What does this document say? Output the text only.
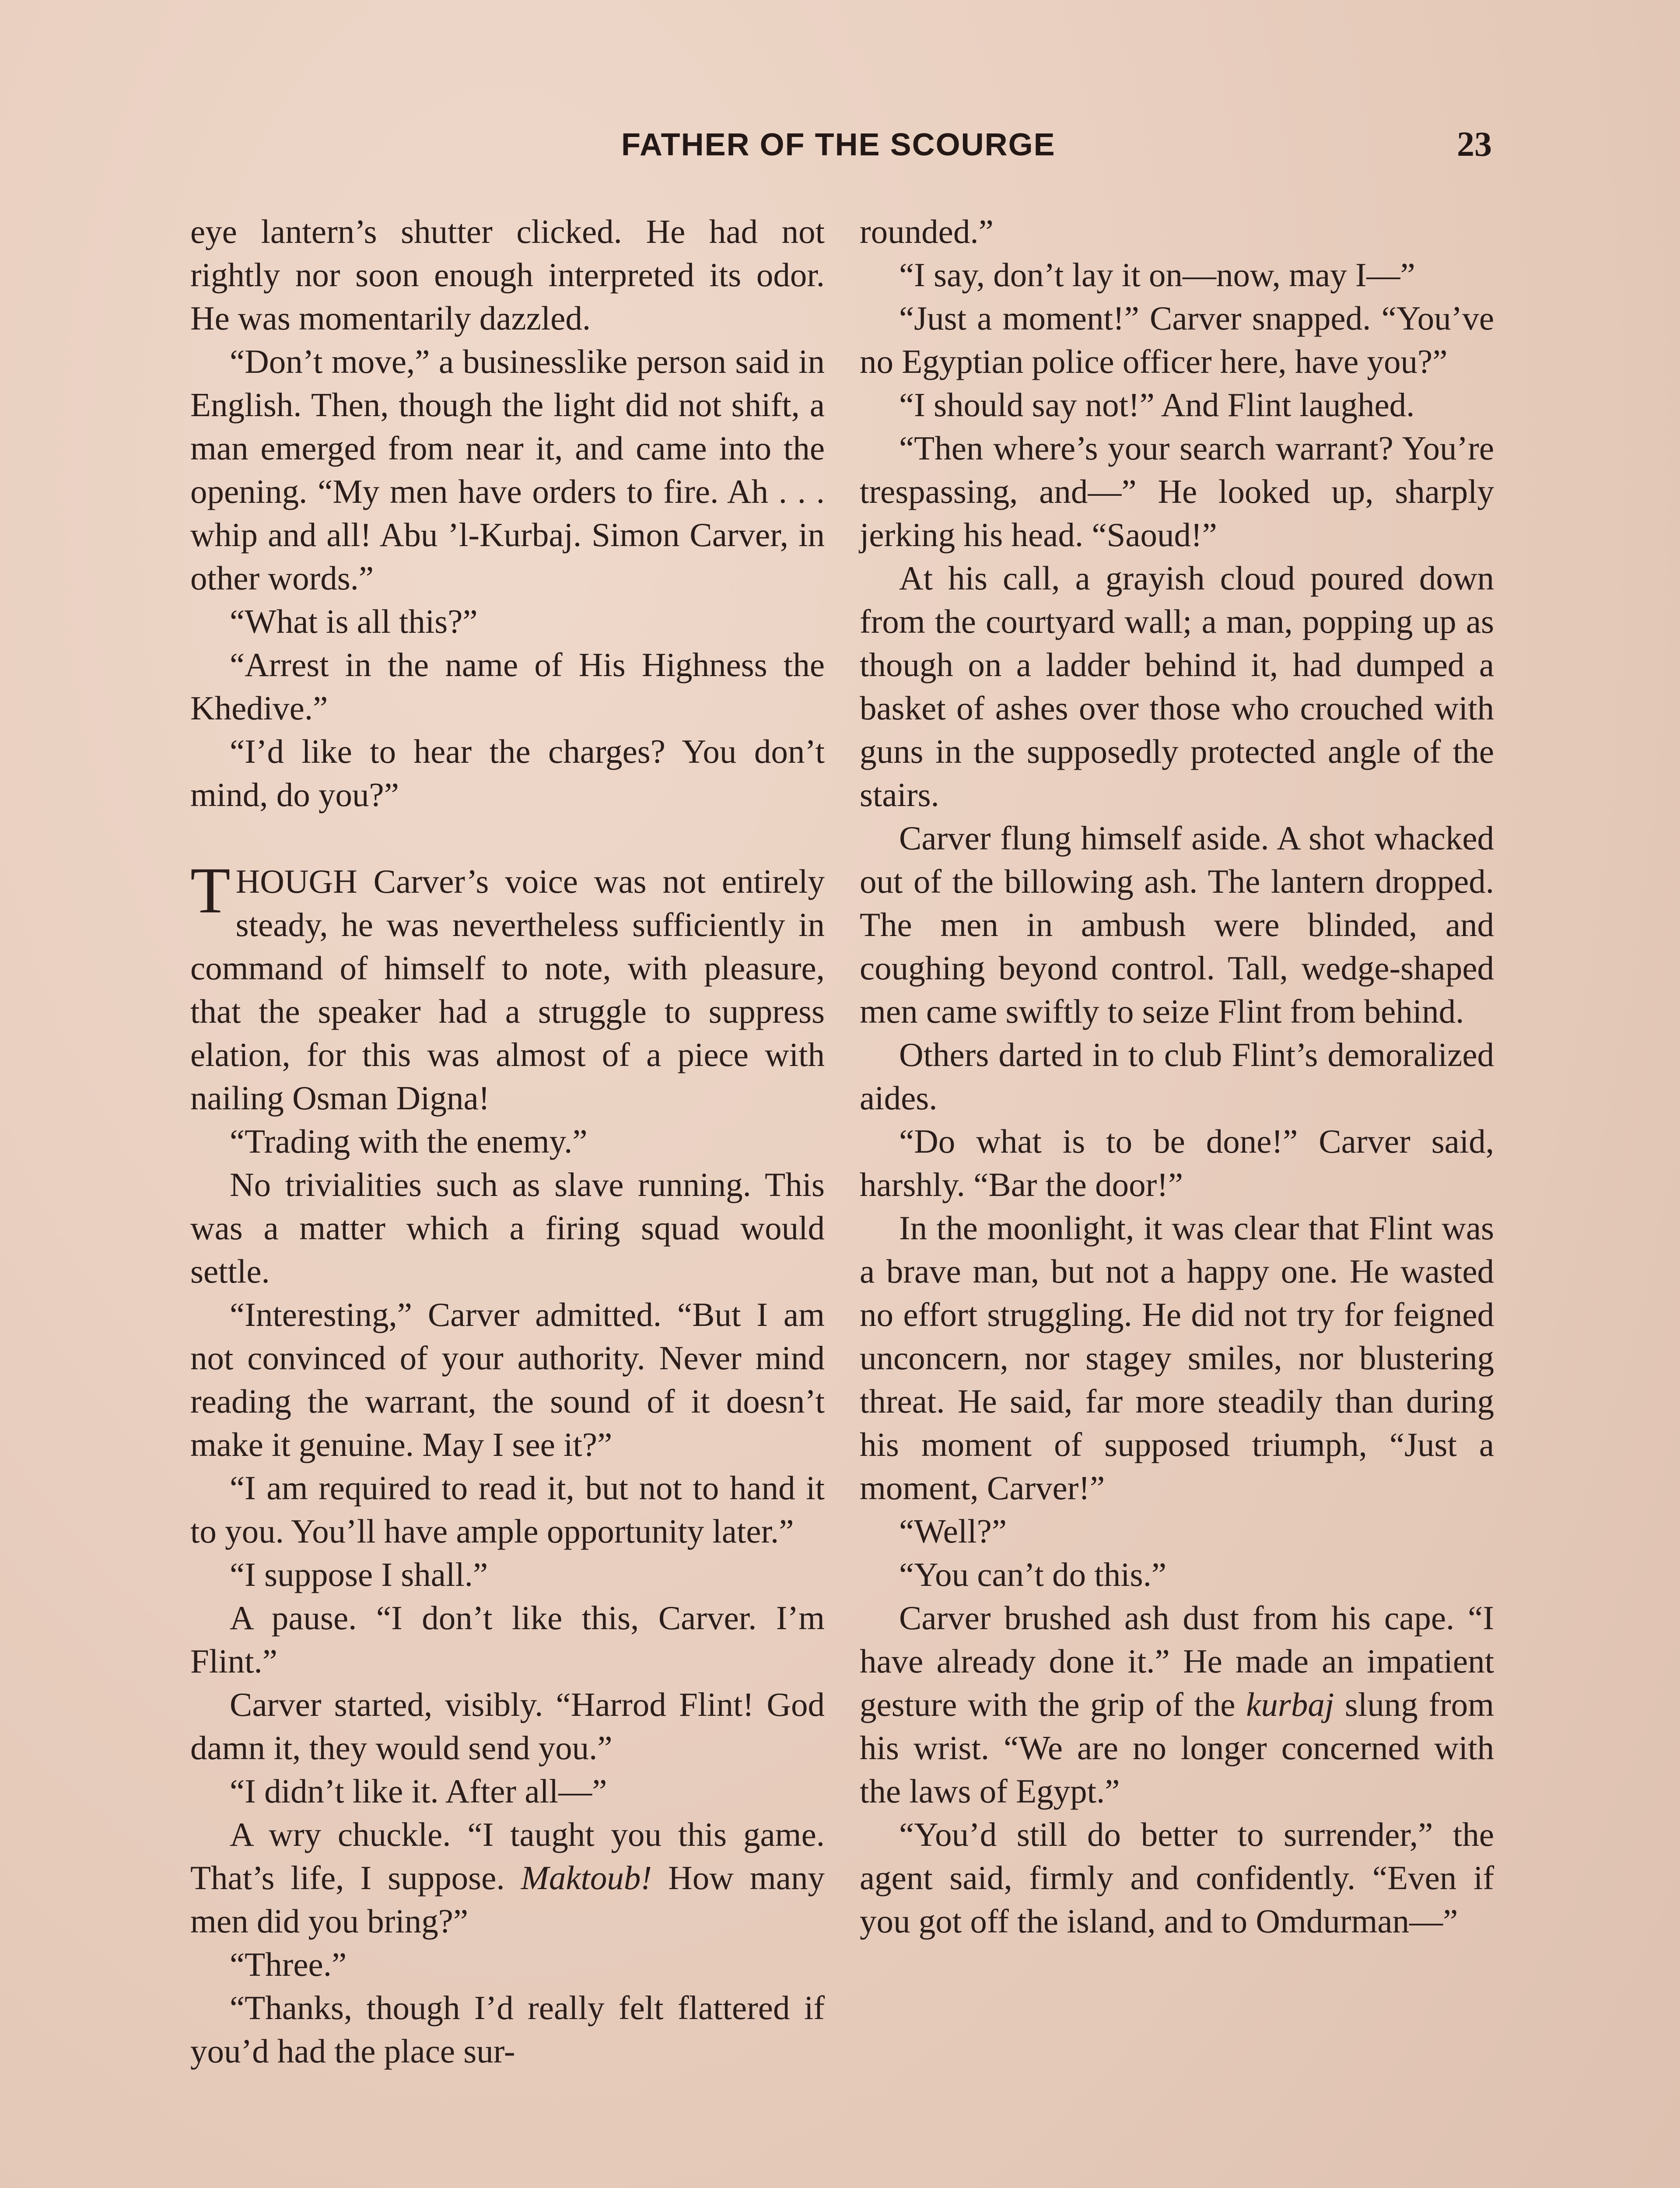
FATHER OF THE SCOURGE	23

eye lantern’s shutter clicked. He had not rightly nor soon enough interpreted its odor. He was momentarily dazzled.

“Don’t move,” a businesslike person said in English. Then, though the light did not shift, a man emerged from near it, and came into the opening. “My men have orders to fire. Ah . . . whip and all! Abu ’l-Kurbaj. Simon Carver, in other words.”

“What is all this?”

“Arrest in the name of His Highness the Khedive.”

“I’d like to hear the charges? You don’t mind, do you?”

THOUGH Carver’s voice was not entirely steady, he was nevertheless sufficiently in command of himself to note, with pleasure, that the speaker had a struggle to suppress elation, for this was almost of a piece with nailing Osman Digna!

“Trading with the enemy.”

No trivialities such as slave running. This was a matter which a firing squad would settle.

“Interesting,” Carver admitted. “But I am not convinced of your authority. Never mind reading the warrant, the sound of it doesn’t make it genuine. May I see it?”

“I am required to read it, but not to hand it to you. You’ll have ample opportunity later.”

“I suppose I shall.”

A pause. “I don’t like this, Carver. I’m Flint.”

Carver started, visibly. “Harrod Flint! God damn it, they would send you.”

“I didn’t like it. After all—”

A wry chuckle. “I taught you this game. That’s life, I suppose. Maktoub! How many men did you bring?”

“Three.”

“Thanks, though I’d really felt flattered if you’d had the place sur-

rounded.”

“I say, don’t lay it on—now, may I—”

“Just a moment!” Carver snapped. “You’ve no Egyptian police officer here, have you?”

“I should say not!” And Flint laughed.

“Then where’s your search warrant? You’re trespassing, and—” He looked up, sharply jerking his head. “Saoud!”

At his call, a grayish cloud poured down from the courtyard wall; a man, popping up as though on a ladder behind it, had dumped a basket of ashes over those who crouched with guns in the supposedly protected angle of the stairs.

Carver flung himself aside. A shot whacked out of the billowing ash. The lantern dropped. The men in ambush were blinded, and coughing beyond control. Tall, wedge-shaped men came swiftly to seize Flint from behind.

Others darted in to club Flint’s demoralized aides.

“Do what is to be done!” Carver said, harshly. “Bar the door!”

In the moonlight, it was clear that Flint was a brave man, but not a happy one. He wasted no effort struggling. He did not try for feigned unconcern, nor stagey smiles, nor blustering threat. He said, far more steadily than during his moment of supposed triumph, “Just a moment, Carver!”

“Well?”

“You can’t do this.”

Carver brushed ash dust from his cape. “I have already done it.” He made an impatient gesture with the grip of the kurbaj slung from his wrist. “We are no longer concerned with the laws of Egypt.”

“You’d still do better to surrender,” the agent said, firmly and confidently. “Even if you got off the island, and to Omdurman—”
